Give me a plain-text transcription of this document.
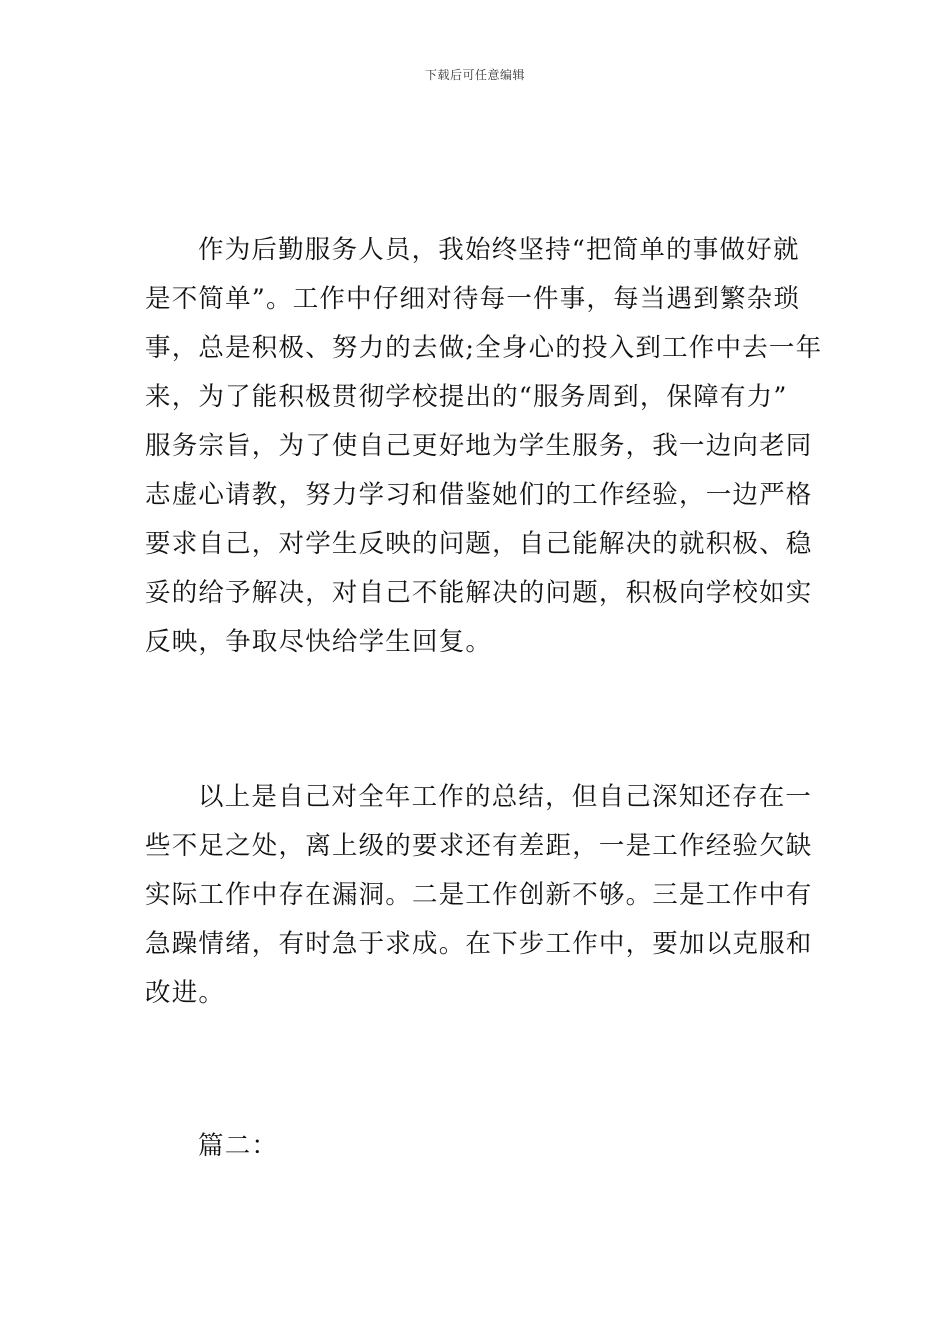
下载后可任意编辑
作为后勤服务人员，我始终坚持“把简单的事做好就
是不简单”。工作中仔细对待每一件事，每当遇到繁杂琐
事，总是积极、努力的去做;全身心的投入到工作中去一年
来，为了能积极贯彻学校提出的“服务周到，保障有力”
服务宗旨，为了使自己更好地为学生服务，我一边向老同
志虚心请教，努力学习和借鉴她们的工作经验，一边严格
要求自己，对学生反映的问题，自己能解决的就积极、稳
妥的给予解决，对自己不能解决的问题，积极向学校如实
反映，争取尽快给学生回复。
以上是自己对全年工作的总结，但自己深知还存在一
些不足之处，离上级的要求还有差距，一是工作经验欠缺
实际工作中存在漏洞。二是工作创新不够。三是工作中有
急躁情绪，有时急于求成。在下步工作中，要加以克服和
改进。
篇二：
